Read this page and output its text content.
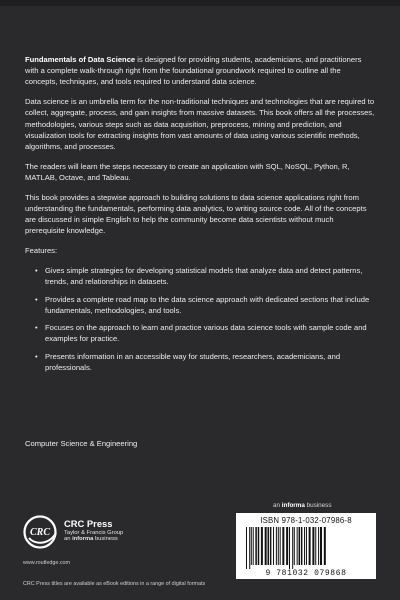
Fundamentals of Data Science is designed for providing students, academicians, and practitioners with a complete walk-through right from the foundational groundwork required to outline all the concepts, techniques, and tools required to understand data science.

Data science is an umbrella term for the non-traditional techniques and technologies that are required to collect, aggregate, process, and gain insights from massive datasets. This book offers all the processes, methodologies, various steps such as data acquisition, preprocess, mining and prediction, and visualization tools for extracting insights from vast amounts of data using various scientific methods, algorithms, and processes.

The readers will learn the steps necessary to create an application with SQL, NoSQL, Python, R, MATLAB, Octave, and Tableau.

This book provides a stepwise approach to building solutions to data science applications right from understanding the fundamentals, performing data analytics, to writing source code. All of the concepts are discussed in simple English to help the community become data scientists without much prerequisite knowledge.

Features:

• Gives simple strategies for developing statistical models that analyze data and detect patterns, trends, and relationships in datasets.
• Provides a complete road map to the data science approach with dedicated sections that include fundamentals, methodologies, and tools.
• Focuses on the approach to learn and practice various data science tools with sample code and examples for practice.
• Presents information in an accessible way for students, researchers, academicians, and professionals.
Computer Science & Engineering
an informa business
ISBN 978-1-032-07986-8
9 781032 079868
CRC
CRC Press
Taylor & Francis Group
an informa business
www.routledge.com
CRC Press titles are available as eBook editions in a range of digital formats
